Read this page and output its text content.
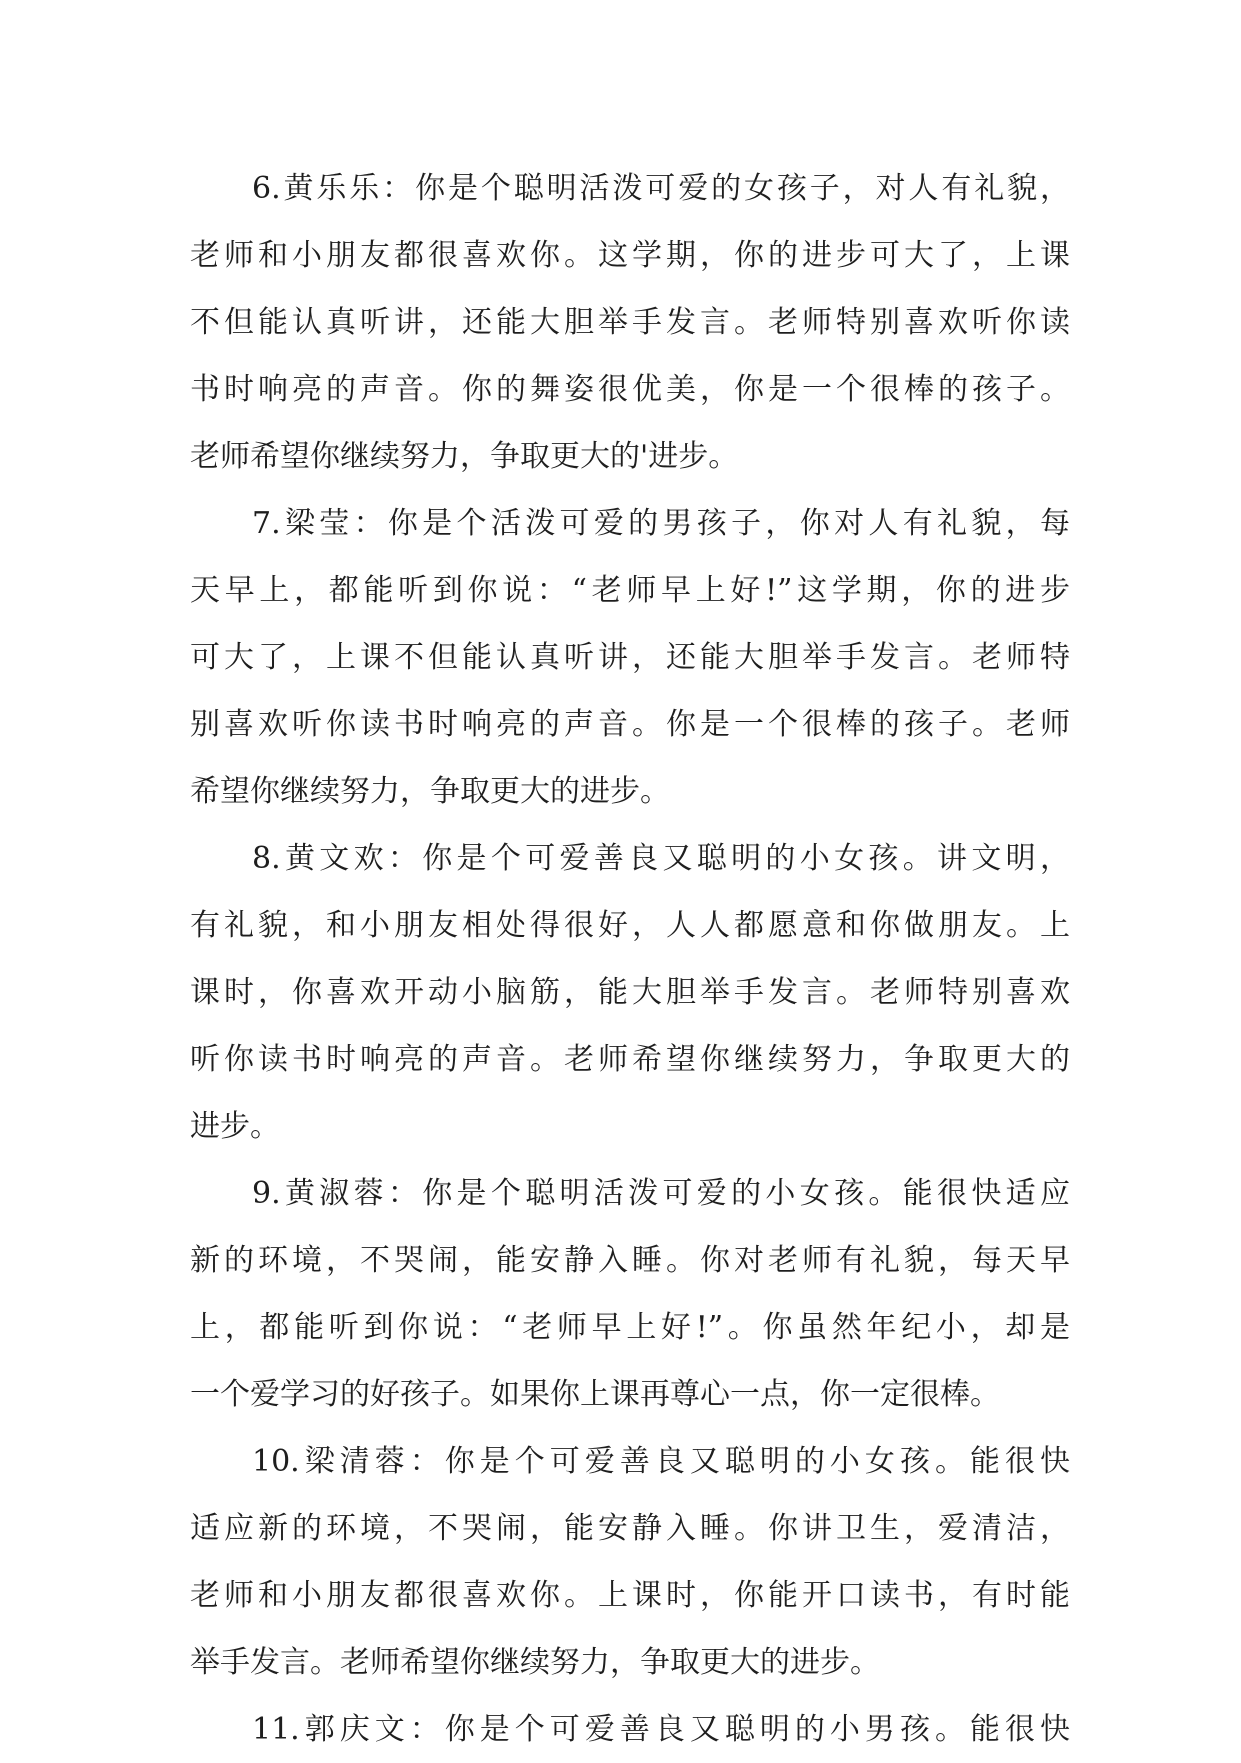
6.黄乐乐：你是个聪明活泼可爱的女孩子，对人有礼貌，
老师和小朋友都很喜欢你。这学期，你的进步可大了，上课
不但能认真听讲，还能大胆举手发言。老师特别喜欢听你读
书时响亮的声音。你的舞姿很优美，你是一个很棒的孩子。
老师希望你继续努力，争取更大的'进步。
7.梁莹：你是个活泼可爱的男孩子，你对人有礼貌，每
天早上，都能听到你说：“老师早上好!”这学期，你的进步
可大了，上课不但能认真听讲，还能大胆举手发言。老师特
别喜欢听你读书时响亮的声音。你是一个很棒的孩子。老师
希望你继续努力，争取更大的进步。
8.黄文欢：你是个可爱善良又聪明的小女孩。讲文明，
有礼貌，和小朋友相处得很好，人人都愿意和你做朋友。上
课时，你喜欢开动小脑筋，能大胆举手发言。老师特别喜欢
听你读书时响亮的声音。老师希望你继续努力，争取更大的
进步。
9.黄淑蓉：你是个聪明活泼可爱的小女孩。能很快适应
新的环境，不哭闹，能安静入睡。你对老师有礼貌，每天早
上，都能听到你说：“老师早上好!”。你虽然年纪小，却是
一个爱学习的好孩子。如果你上课再尊心一点，你一定很棒。
10.梁清蓉：你是个可爱善良又聪明的小女孩。能很快
适应新的环境，不哭闹，能安静入睡。你讲卫生，爱清洁，
老师和小朋友都很喜欢你。上课时，你能开口读书，有时能
举手发言。老师希望你继续努力，争取更大的进步。
11.郭庆文：你是个可爱善良又聪明的小男孩。能很快
